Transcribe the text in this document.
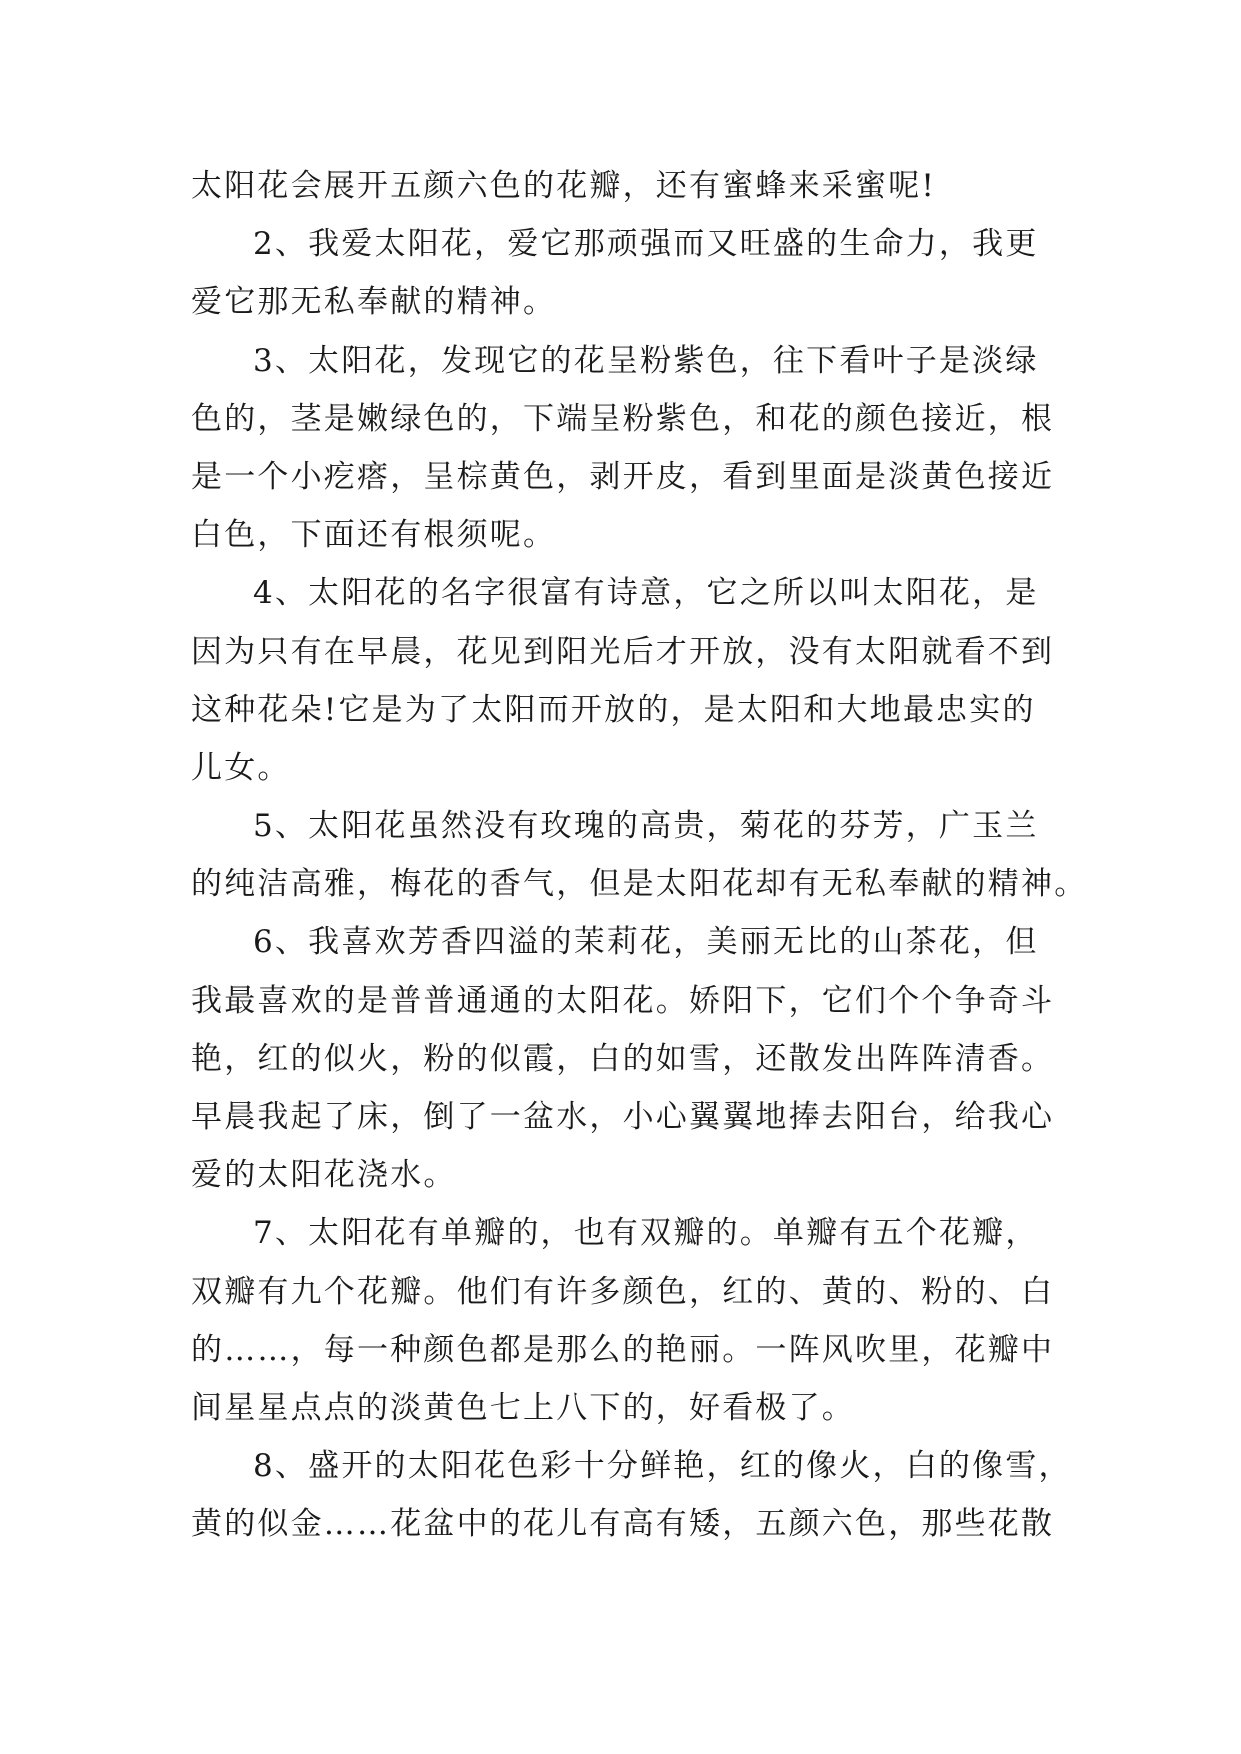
太阳花会展开五颜六色的花瓣，还有蜜蜂来采蜜呢!
2、我爱太阳花，爱它那顽强而又旺盛的生命力，我更
爱它那无私奉献的精神。
3、太阳花，发现它的花呈粉紫色，往下看叶子是淡绿
色的，茎是嫩绿色的，下端呈粉紫色，和花的颜色接近，根
是一个小疙瘩，呈棕黄色，剥开皮，看到里面是淡黄色接近
白色，下面还有根须呢。
4、太阳花的名字很富有诗意，它之所以叫太阳花，是
因为只有在早晨，花见到阳光后才开放，没有太阳就看不到
这种花朵!它是为了太阳而开放的，是太阳和大地最忠实的
儿女。
5、太阳花虽然没有玫瑰的高贵，菊花的芬芳，广玉兰
的纯洁高雅，梅花的香气，但是太阳花却有无私奉献的精神。
6、我喜欢芳香四溢的茉莉花，美丽无比的山茶花，但
我最喜欢的是普普通通的太阳花。娇阳下，它们个个争奇斗
艳，红的似火，粉的似霞，白的如雪，还散发出阵阵清香。
早晨我起了床，倒了一盆水，小心翼翼地捧去阳台，给我心
爱的太阳花浇水。
7、太阳花有单瓣的，也有双瓣的。单瓣有五个花瓣，
双瓣有九个花瓣。他们有许多颜色，红的、黄的、粉的、白
的……，每一种颜色都是那么的艳丽。一阵风吹里，花瓣中
间星星点点的淡黄色七上八下的，好看极了。
8、盛开的太阳花色彩十分鲜艳，红的像火，白的像雪，
黄的似金……花盆中的花儿有高有矮，五颜六色，那些花散
